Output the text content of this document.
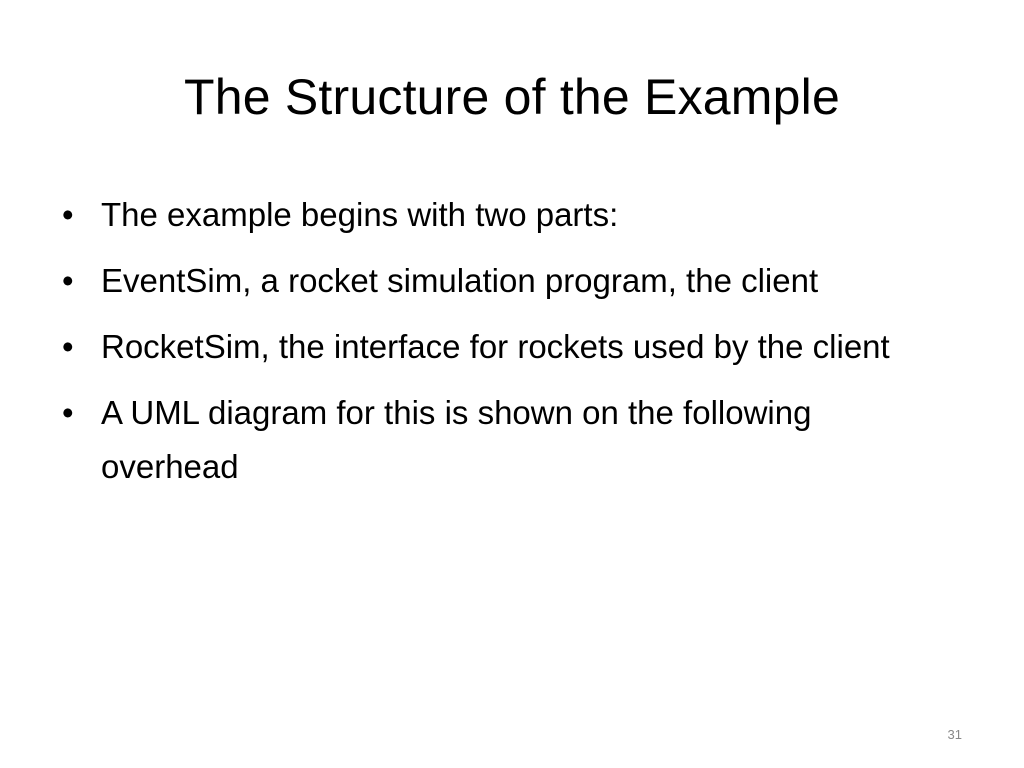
The Structure of the Example
• The example begins with two parts:
• EventSim, a rocket simulation program, the client
• RocketSim, the interface for rockets used by the client
• A UML diagram for this is shown on the following overhead
31
